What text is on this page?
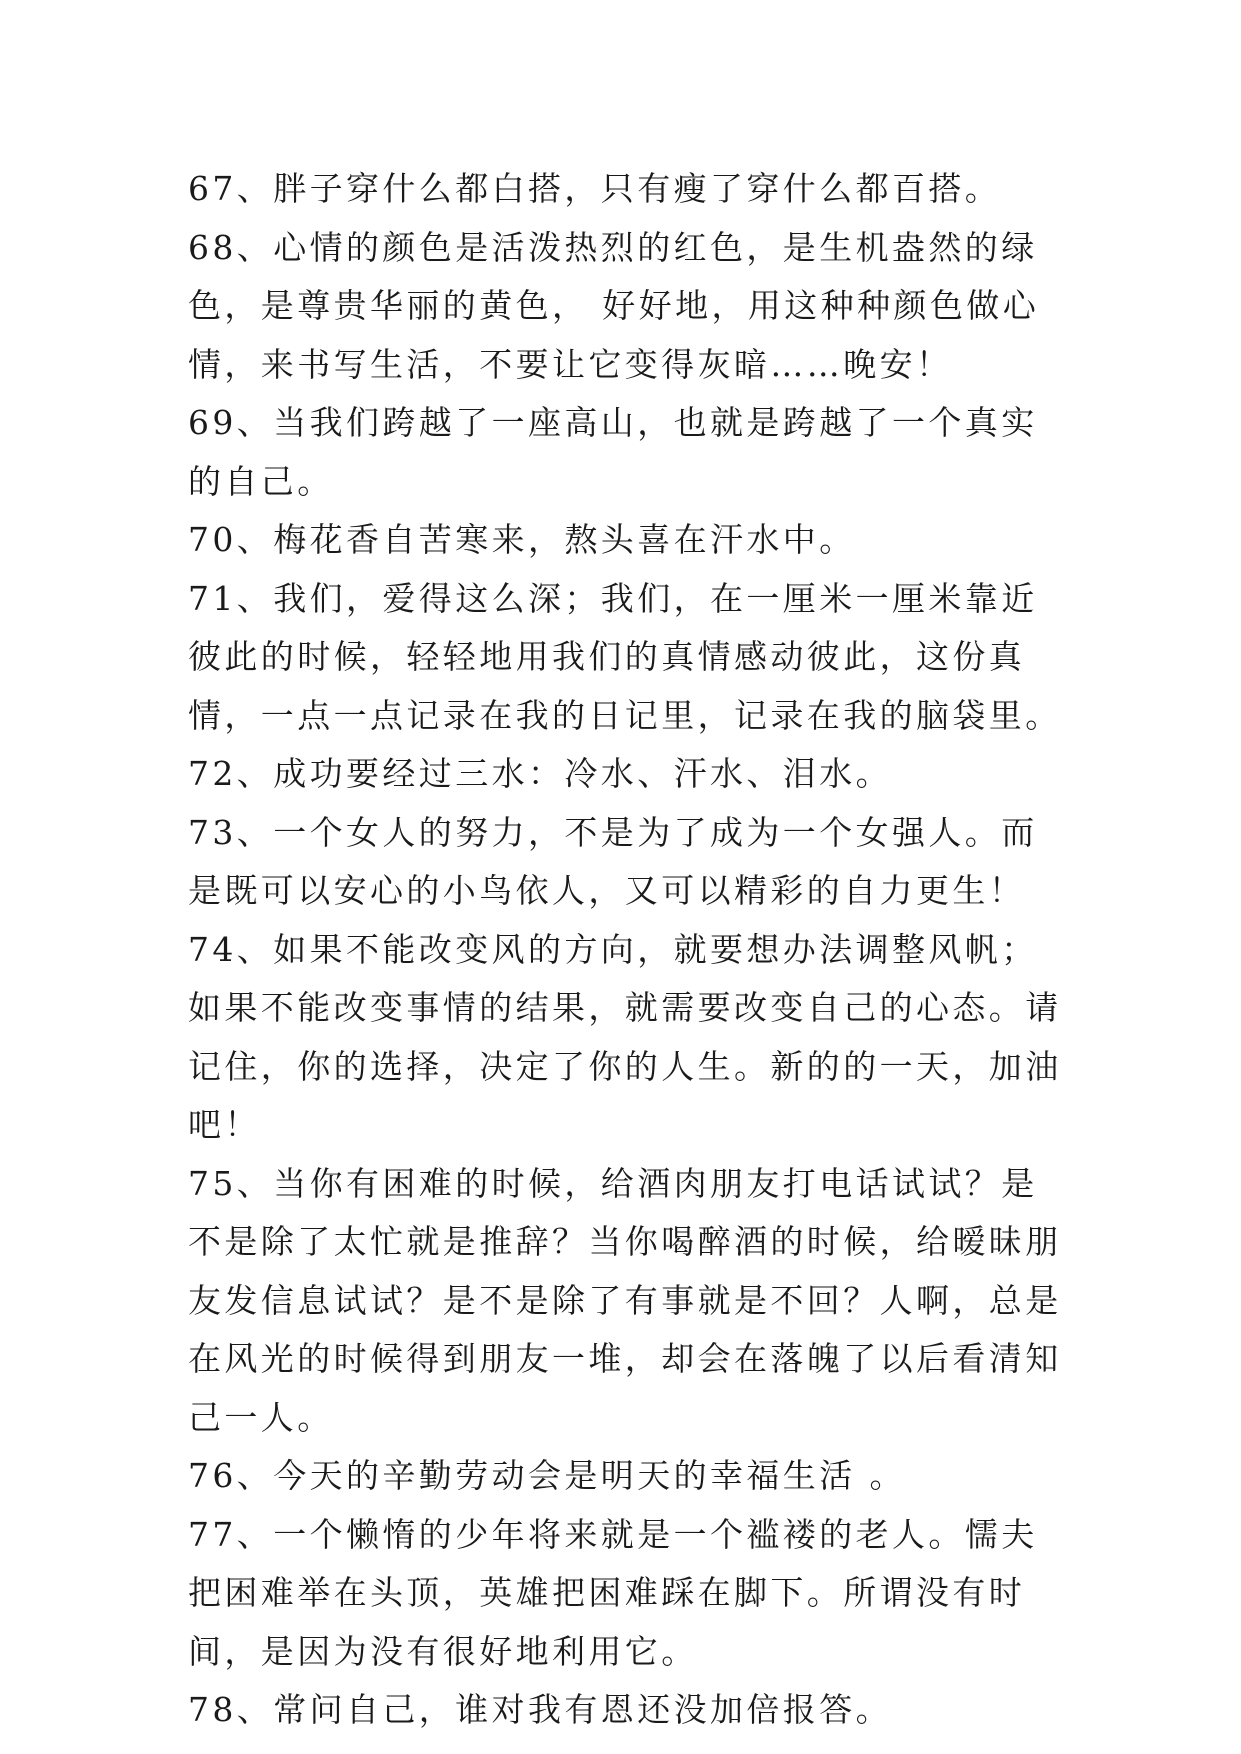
67、胖子穿什么都白搭，只有瘦了穿什么都百搭。

68、心情的颜色是活泼热烈的红色，是生机盎然的绿色，是尊贵华丽的黄色， 好好地，用这种种颜色做心情，来书写生活，不要让它变得灰暗……晚安！

69、当我们跨越了一座高山，也就是跨越了一个真实的自己。

70、梅花香自苦寒来，熬头喜在汗水中。

71、我们，爱得这么深；我们，在一厘米一厘米靠近彼此的时候，轻轻地用我们的真情感动彼此，这份真情，一点一点记录在我的日记里，记录在我的脑袋里。

72、成功要经过三水：冷水、汗水、泪水。

73、一个女人的努力，不是为了成为一个女强人。而是既可以安心的小鸟依人，又可以精彩的自力更生！

74、如果不能改变风的方向，就要想办法调整风帆；如果不能改变事情的结果，就需要改变自己的心态。请记住，你的选择，决定了你的人生。新的的一天，加油吧！

75、当你有困难的时候，给酒肉朋友打电话试试？是不是除了太忙就是推辞？当你喝醉酒的时候，给暧昧朋友发信息试试？是不是除了有事就是不回？人啊，总是在风光的时候得到朋友一堆，却会在落魄了以后看清知己一人。

76、今天的辛勤劳动会是明天的幸福生活 。

77、一个懒惰的少年将来就是一个褴褛的老人。懦夫把困难举在头顶，英雄把困难踩在脚下。所谓没有时间，是因为没有很好地利用它。

78、常问自己，谁对我有恩还没加倍报答。
